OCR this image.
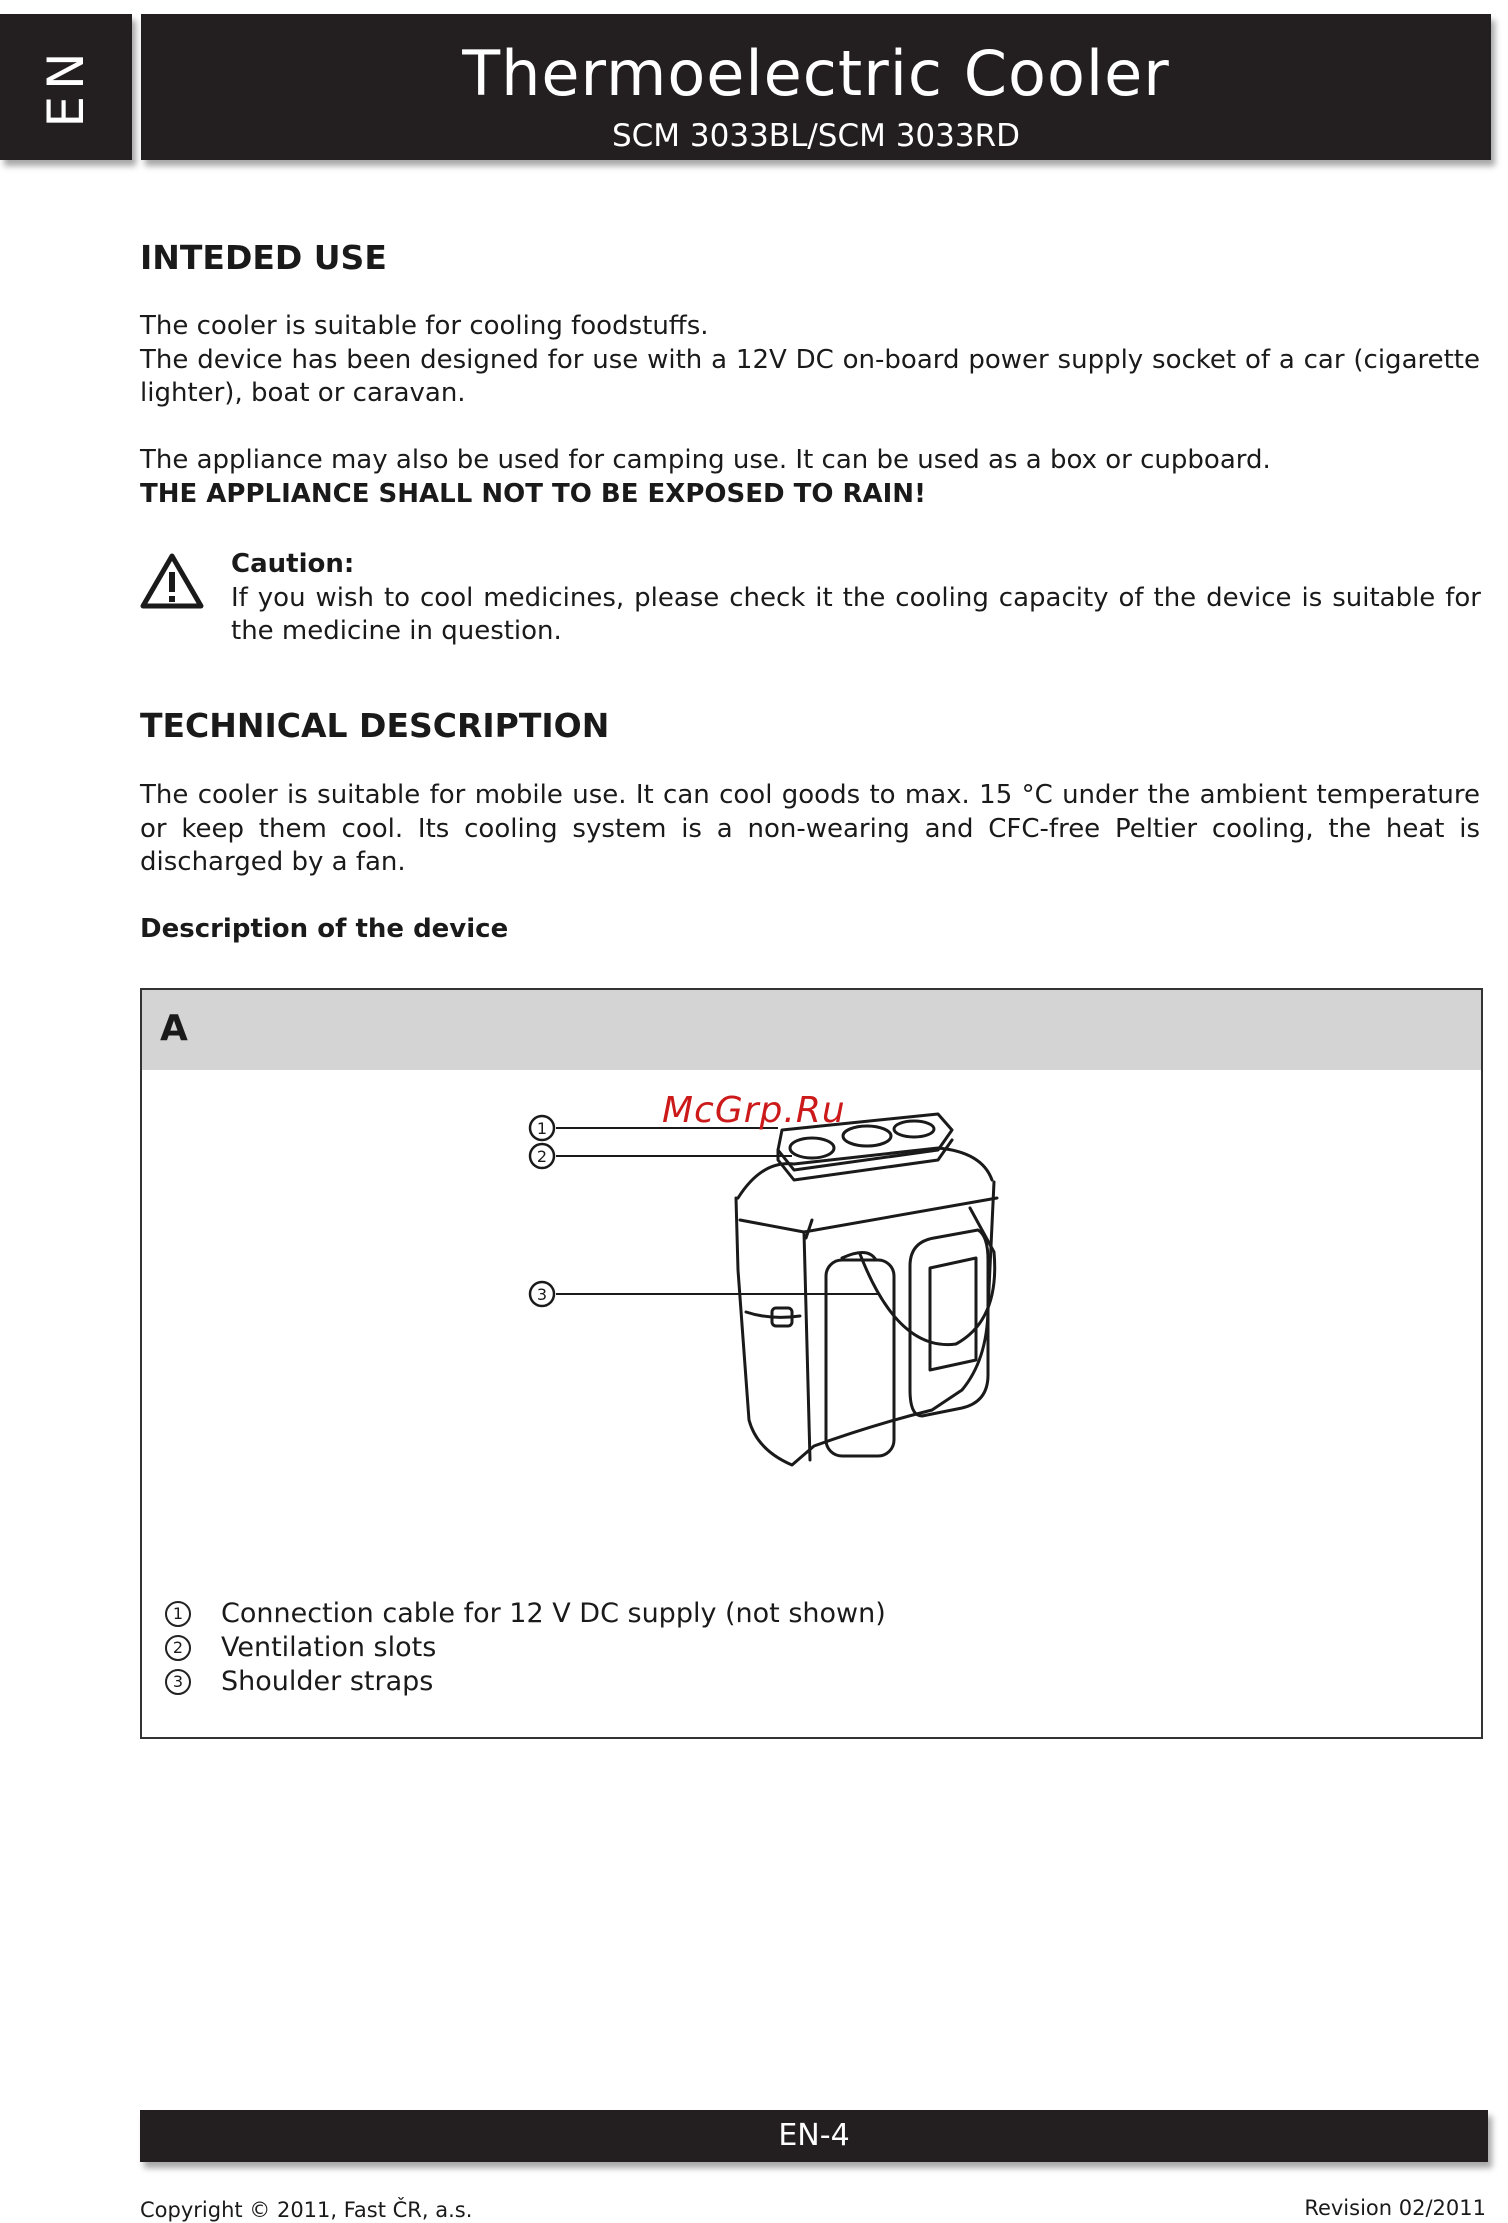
EN	Thermoelectric Cooler
SCM 3033BL/SCM 3033RD
INTEDED USE
The cooler is suitable for cooling foodstuffs.
The device has been designed for use with a 12V DC on-board power supply socket of a car (cigarette lighter), boat or caravan.
The appliance may also be used for camping use. It can be used as a box or cupboard.
THE APPLIANCE SHALL NOT TO BE EXPOSED TO RAIN!
Caution:
If you wish to cool medicines, please check it the cooling capacity of the device is suitable for the medicine in question.
TECHNICAL DESCRIPTION
The cooler is suitable for mobile use. It can cool goods to max. 15 °C under the ambient temperature or keep them cool. Its cooling system is a non-wearing and CFC-free Peltier cooling, the heat is discharged by a fan.
Description of the device
A
1
2
3
McGrp.Ru
1 Connection cable for 12 V DC supply (not shown)
2 Ventilation slots
3 Shoulder straps
EN-4
Copyright © 2011, Fast ČR, a.s.	Revision 02/2011
